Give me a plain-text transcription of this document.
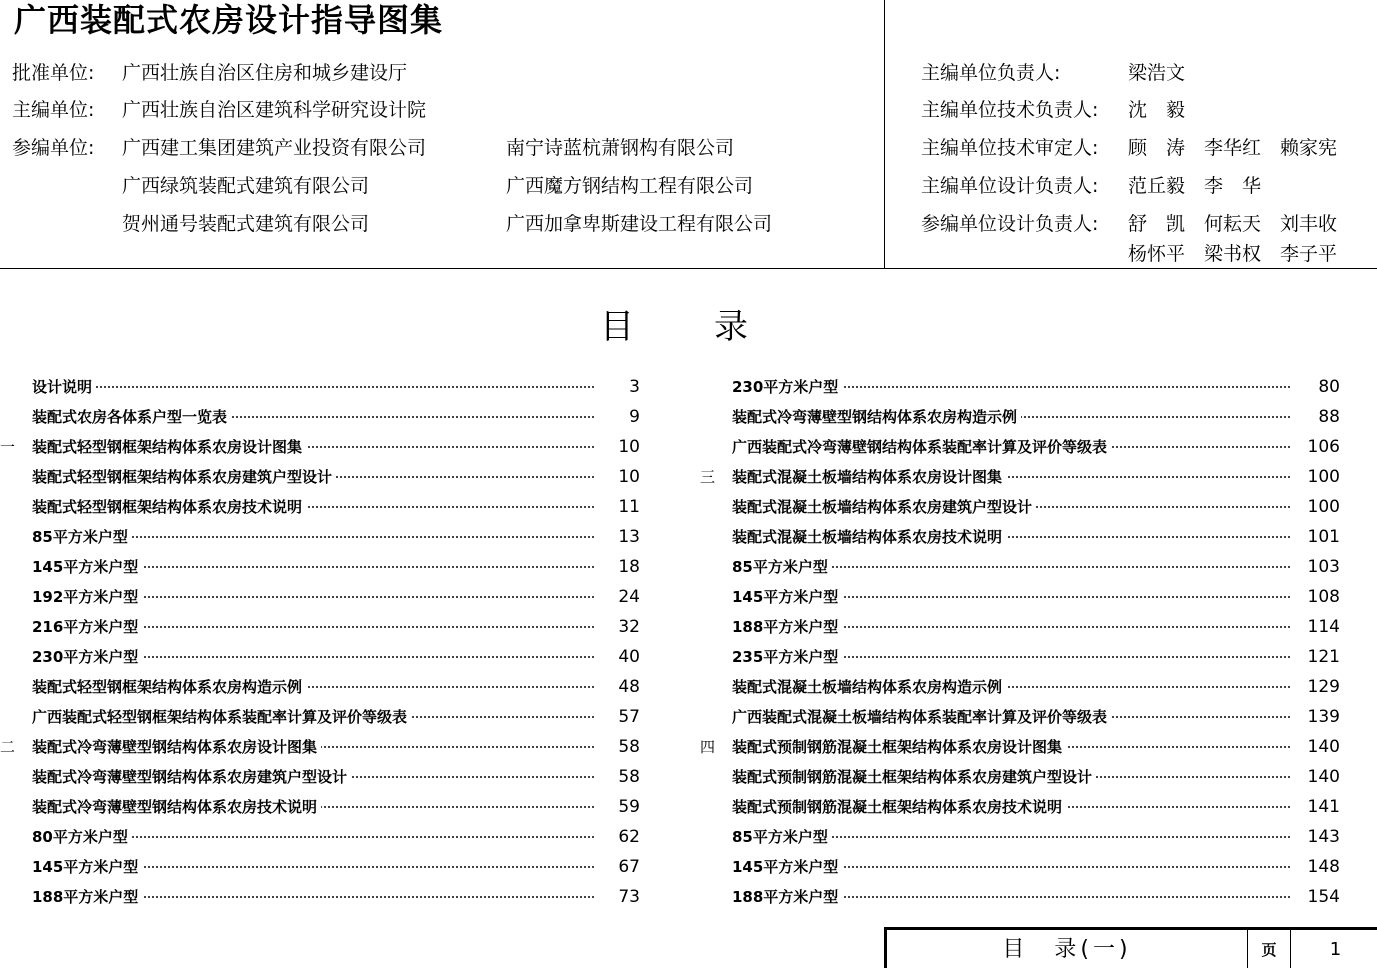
广西装配式农房设计指导图集
批准单位: 广西壮族自治区住房和城乡建设厅
主编单位: 广西壮族自治区建筑科学研究设计院
参编单位: 广西建工集团建筑产业投资有限公司	南宁诗蓝杭萧钢构有限公司
广西绿筑装配式建筑有限公司	广西魔方钢结构工程有限公司
贺州通号装配式建筑有限公司	广西加拿卑斯建设工程有限公司
主编单位负责人:	梁浩文
主编单位技术负责人: 沈　毅
主编单位技术审定人: 顾　涛　李华红　赖家宪
主编单位设计负责人: 范丘毅　李　华
参编单位设计负责人: 舒　凯　何耘天　刘丰收
杨怀平　梁书权　李子平
目录
设计说明	3
装配式农房各体系户型一览表	9
一	装配式轻型钢框架结构体系农房设计图集	10
装配式轻型钢框架结构体系农房建筑户型设计	10
装配式轻型钢框架结构体系农房技术说明	11
85平方米户型	13
145平方米户型	18
192平方米户型	24
216平方米户型	32
230平方米户型	40
装配式轻型钢框架结构体系农房构造示例	48
广西装配式轻型钢框架结构体系装配率计算及评价等级表	57
二	装配式冷弯薄壁型钢结构体系农房设计图集	58
装配式冷弯薄壁型钢结构体系农房建筑户型设计	58
装配式冷弯薄壁型钢结构体系农房技术说明	59
80平方米户型	62
145平方米户型	67
188平方米户型	73
230平方米户型	80
装配式冷弯薄壁型钢结构体系农房构造示例	88
广西装配式冷弯薄壁钢结构体系装配率计算及评价等级表	106
三	装配式混凝土板墙结构体系农房设计图集	100
装配式混凝土板墙结构体系农房建筑户型设计	100
装配式混凝土板墙结构体系农房技术说明	101
85平方米户型	103
145平方米户型	108
188平方米户型	114
235平方米户型	121
装配式混凝土板墙结构体系农房构造示例	129
广西装配式混凝土板墙结构体系装配率计算及评价等级表	139
四	装配式预制钢筋混凝土框架结构体系农房设计图集	140
装配式预制钢筋混凝土框架结构体系农房建筑户型设计	140
装配式预制钢筋混凝土框架结构体系农房技术说明	141
85平方米户型	143
145平方米户型	148
188平方米户型	154
目　录(一)	页	1
